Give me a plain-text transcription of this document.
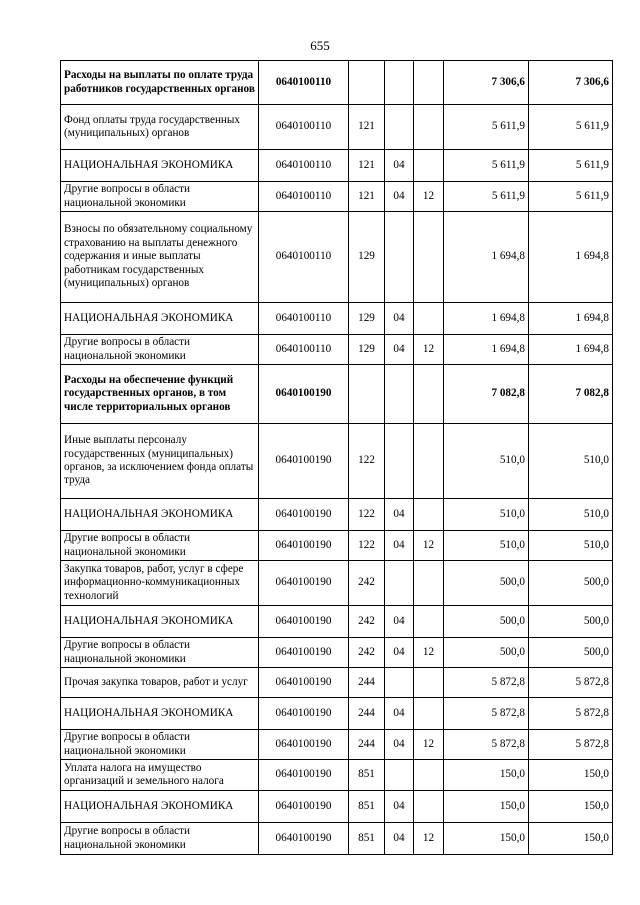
655
Расходы на выплаты по оплате труда работников государственных органов	0640100110				7 306,6	7 306,6
Фонд оплаты труда государственных (муниципальных) органов	0640100110	121			5 611,9	5 611,9
НАЦИОНАЛЬНАЯ ЭКОНОМИКА	0640100110	121	04		5 611,9	5 611,9
Другие вопросы в области национальной экономики	0640100110	121	04	12	5 611,9	5 611,9
Взносы по обязательному социальному страхованию на выплаты денежного содержания и иные выплаты работникам государственных (муниципальных) органов	0640100110	129			1 694,8	1 694,8
НАЦИОНАЛЬНАЯ ЭКОНОМИКА	0640100110	129	04		1 694,8	1 694,8
Другие вопросы в области национальной экономики	0640100110	129	04	12	1 694,8	1 694,8
Расходы на обеспечение функций государственных органов, в том числе территориальных органов	0640100190				7 082,8	7 082,8
Иные выплаты персоналу государственных (муниципальных) органов, за исключением фонда оплаты труда	0640100190	122			510,0	510,0
НАЦИОНАЛЬНАЯ ЭКОНОМИКА	0640100190	122	04		510,0	510,0
Другие вопросы в области национальной экономики	0640100190	122	04	12	510,0	510,0
Закупка товаров, работ, услуг в сфере информационно-коммуникационных технологий	0640100190	242			500,0	500,0
НАЦИОНАЛЬНАЯ ЭКОНОМИКА	0640100190	242	04		500,0	500,0
Другие вопросы в области национальной экономики	0640100190	242	04	12	500,0	500,0
Прочая закупка товаров, работ и услуг	0640100190	244			5 872,8	5 872,8
НАЦИОНАЛЬНАЯ ЭКОНОМИКА	0640100190	244	04		5 872,8	5 872,8
Другие вопросы в области национальной экономики	0640100190	244	04	12	5 872,8	5 872,8
Уплата налога на имущество организаций и земельного налога	0640100190	851			150,0	150,0
НАЦИОНАЛЬНАЯ ЭКОНОМИКА	0640100190	851	04		150,0	150,0
Другие вопросы в области национальной экономики	0640100190	851	04	12	150,0	150,0
